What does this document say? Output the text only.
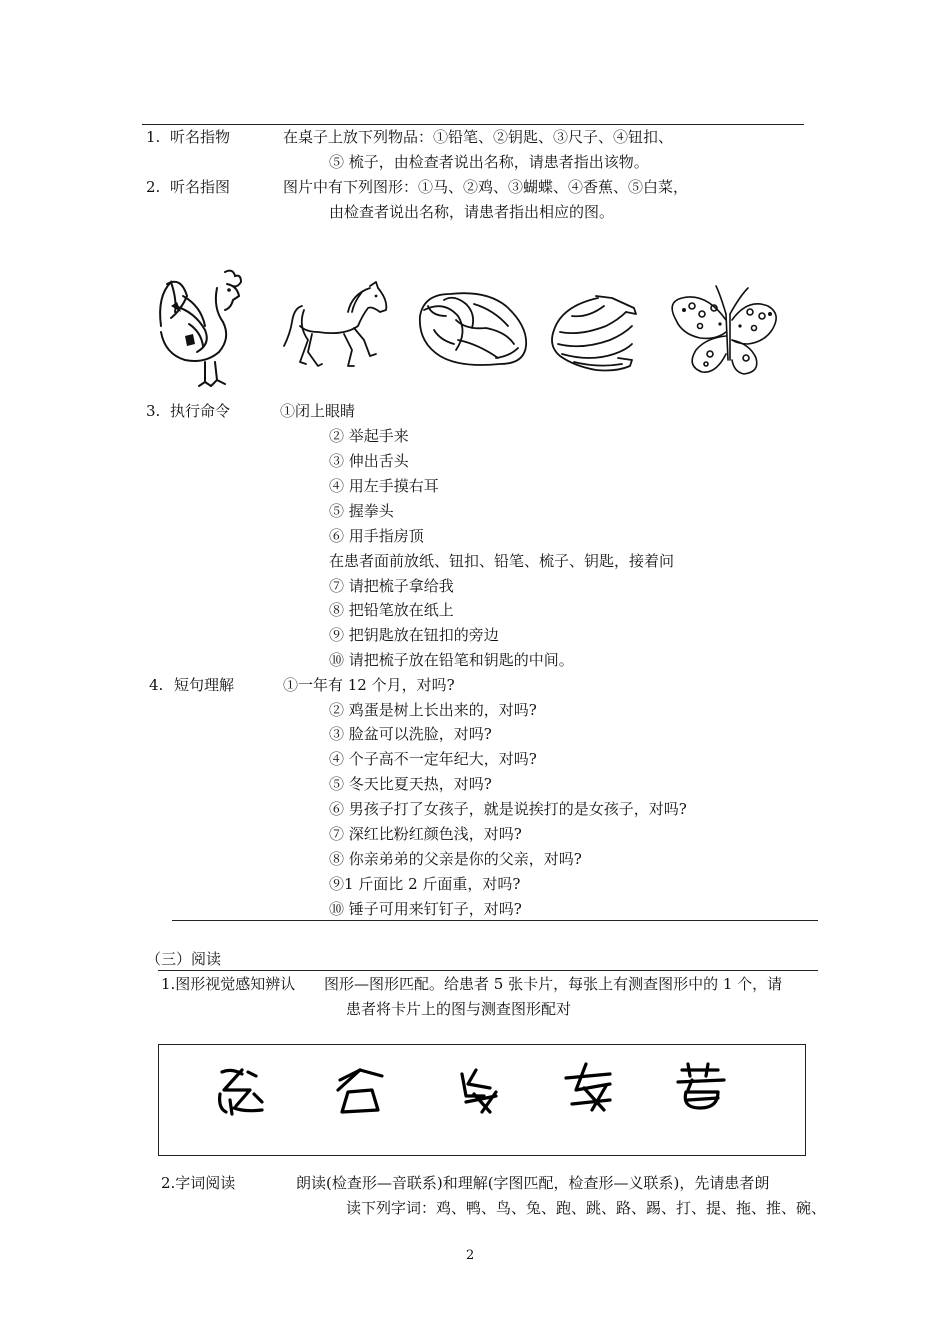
1. 听名指物	在桌子上放下列物品：①铅笔、②钥匙、③尺子、④钮扣、
⑤ 梳子，由检查者说出名称，请患者指出该物。
2. 听名指图	图片中有下列图形：①马、②鸡、③蝴蝶、④香蕉、⑤白菜，
由检查者说出名称，请患者指出相应的图。
3. 执行命令	①闭上眼睛
② 举起手来
③ 伸出舌头
④ 用左手摸右耳
⑤ 握拳头
⑥ 用手指房顶
在患者面前放纸、钮扣、铅笔、梳子、钥匙，接着问
⑦ 请把梳子拿给我
⑧ 把铅笔放在纸上
⑨ 把钥匙放在钮扣的旁边
⑩ 请把梳子放在铅笔和钥匙的中间。
4. 短句理解	①一年有 12 个月，对吗?
② 鸡蛋是树上长出来的，对吗?
③ 脸盆可以洗脸，对吗?
④ 个子高不一定年纪大，对吗?
⑤ 冬天比夏天热，对吗?
⑥ 男孩子打了女孩子，就是说挨打的是女孩子，对吗?
⑦ 深红比粉红颜色浅，对吗?
⑧ 你亲弟弟的父亲是你的父亲，对吗?
⑨1 斤面比 2 斤面重，对吗?
⑩ 锤子可用来钉钉子，对吗?
（三）阅读
1.图形视觉感知辨认 图形—图形匹配。给患者 5 张卡片，每张上有测查图形中的 1 个，请
患者将卡片上的图与测查图形配对
2.字词阅读	朗读(检查形—音联系)和理解(字图匹配，检查形—义联系)，先请患者朗
读下列字词：鸡、鸭、鸟、兔、跑、跳、路、踢、打、提、拖、推、碗、
2
